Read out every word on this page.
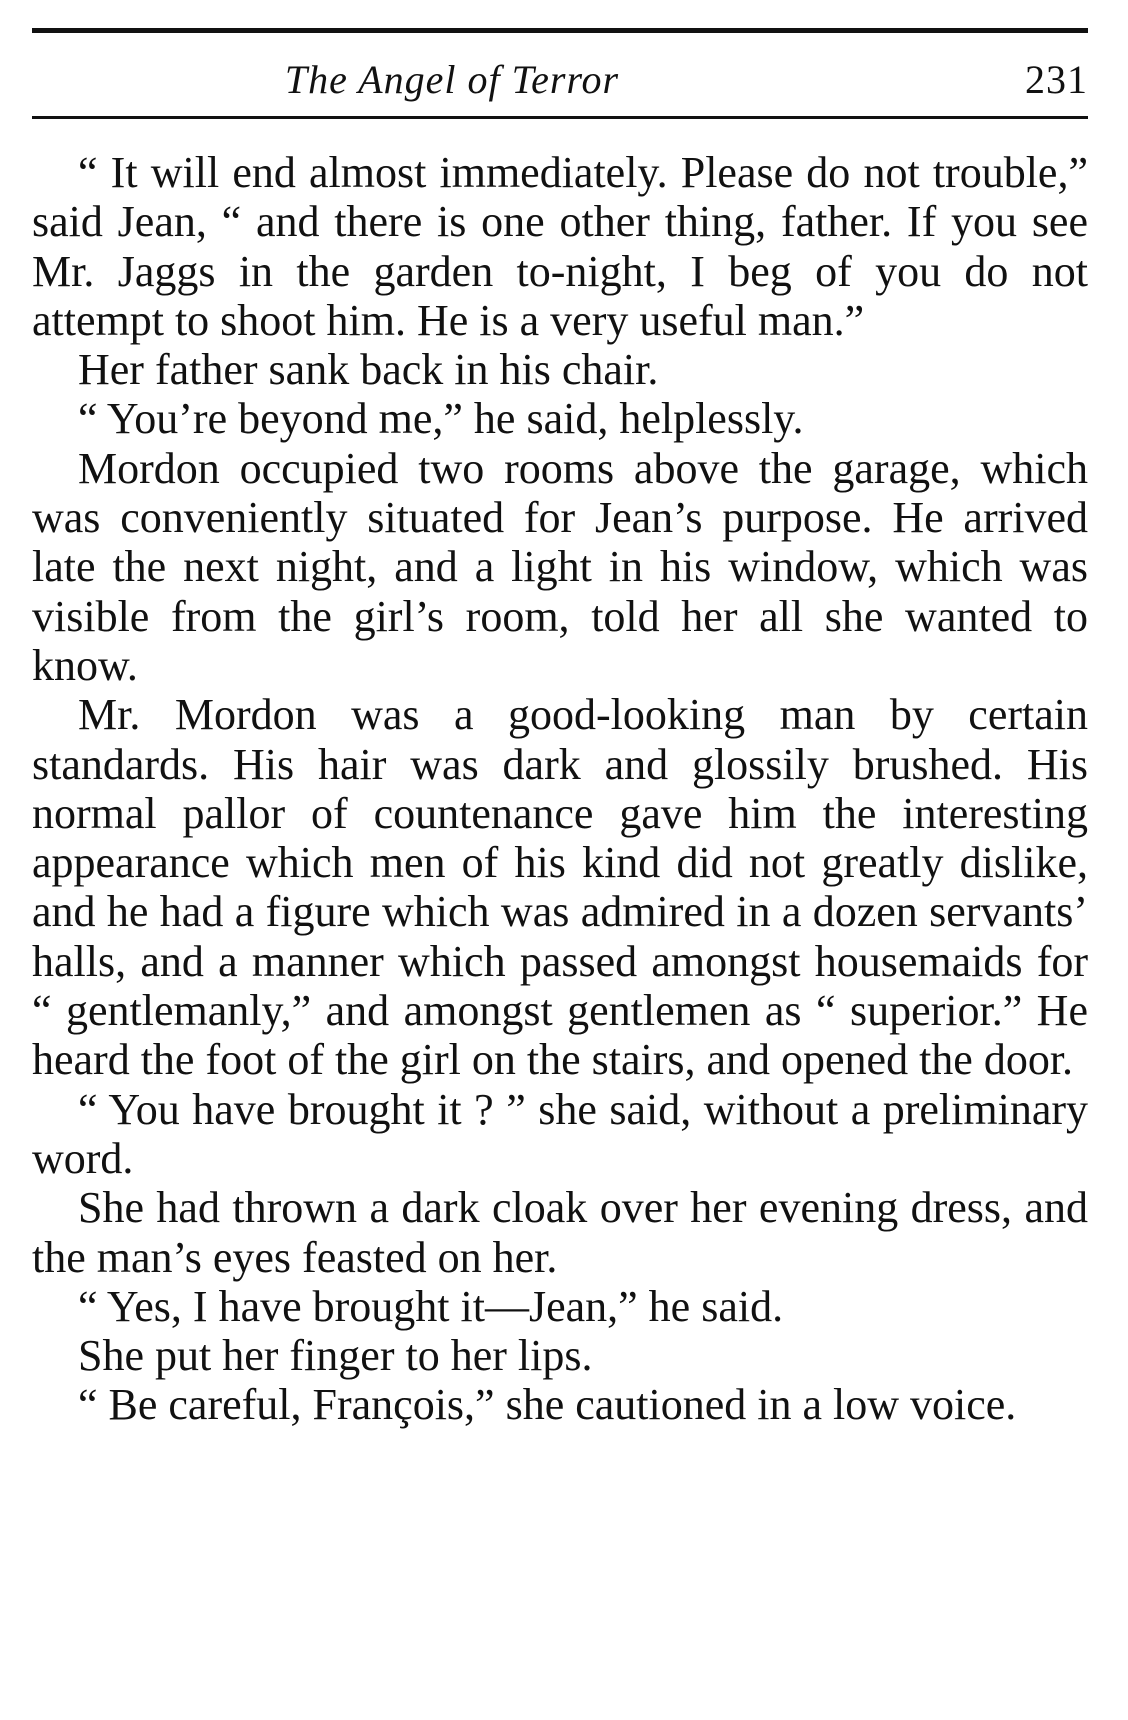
The Angel of Terror	231

“ It will end almost immediately. Please do not trouble,” said Jean, “ and there is one other thing, father. If you see Mr. Jaggs in the garden to-night, I beg of you do not attempt to shoot him. He is a very useful man.”

Her father sank back in his chair.

“ You’re beyond me,” he said, helplessly.

Mordon occupied two rooms above the garage, which was conveniently situated for Jean’s purpose. He arrived late the next night, and a light in his window, which was visible from the girl’s room, told her all she wanted to know.

Mr. Mordon was a good-looking man by certain standards. His hair was dark and glossily brushed. His normal pallor of countenance gave him the interesting appearance which men of his kind did not greatly dislike, and he had a figure which was admired in a dozen servants’ halls, and a manner which passed amongst housemaids for “ gentlemanly,” and amongst gentlemen as “ superior.” He heard the foot of the girl on the stairs, and opened the door.

“ You have brought it ? ” she said, without a preliminary word.

She had thrown a dark cloak over her evening dress, and the man’s eyes feasted on her.

“ Yes, I have brought it—Jean,” he said.

She put her finger to her lips.

“ Be careful, François,” she cautioned in a low voice.
